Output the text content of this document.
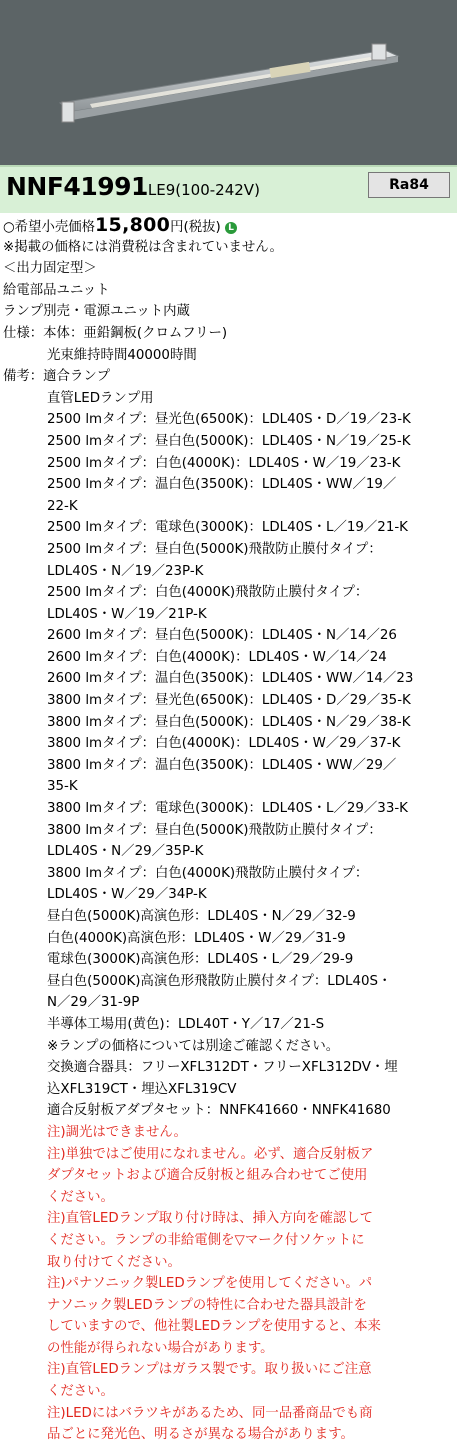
NNF41991LE9(100-242V)	Ra84
○希望小売価格15,800円(税抜) L
※掲載の価格には消費税は含まれていません。
＜出力固定型＞
給電部品ユニット
ランプ別売・電源ユニット内蔵
仕様：本体：亜鉛鋼板(クロムフリー)
光束維持時間40000時間
備考：適合ランプ
直管LEDランプ用
2500 lmタイプ：昼光色(6500K)：LDL40S・D／19／23-K
2500 lmタイプ：昼白色(5000K)：LDL40S・N／19／25-K
2500 lmタイプ：白色(4000K)：LDL40S・W／19／23-K
2500 lmタイプ：温白色(3500K)：LDL40S・WW／19／
22-K
2500 lmタイプ：電球色(3000K)：LDL40S・L／19／21-K
2500 lmタイプ：昼白色(5000K)飛散防止膜付タイプ：
LDL40S・N／19／23P-K
2500 lmタイプ：白色(4000K)飛散防止膜付タイプ：
LDL40S・W／19／21P-K
2600 lmタイプ：昼白色(5000K)：LDL40S・N／14／26
2600 lmタイプ：白色(4000K)：LDL40S・W／14／24
2600 lmタイプ：温白色(3500K)：LDL40S・WW／14／23
3800 lmタイプ：昼光色(6500K)：LDL40S・D／29／35-K
3800 lmタイプ：昼白色(5000K)：LDL40S・N／29／38-K
3800 lmタイプ：白色(4000K)：LDL40S・W／29／37-K
3800 lmタイプ：温白色(3500K)：LDL40S・WW／29／
35-K
3800 lmタイプ：電球色(3000K)：LDL40S・L／29／33-K
3800 lmタイプ：昼白色(5000K)飛散防止膜付タイプ：
LDL40S・N／29／35P-K
3800 lmタイプ：白色(4000K)飛散防止膜付タイプ：
LDL40S・W／29／34P-K
昼白色(5000K)高演色形：LDL40S・N／29／32-9
白色(4000K)高演色形：LDL40S・W／29／31-9
電球色(3000K)高演色形：LDL40S・L／29／29-9
昼白色(5000K)高演色形飛散防止膜付タイプ：LDL40S・
N／29／31-9P
半導体工場用(黄色)：LDL40T・Y／17／21-S
※ランプの価格については別途ご確認ください。
交換適合器具：フリーXFL312DT・フリーXFL312DV・埋
込XFL319CT・埋込XFL319CV
適合反射板アダプタセット：NNFK41660・NNFK41680
注)調光はできません。
注)単独ではご使用になれません。必ず、適合反射板ア
ダプタセットおよび適合反射板と組み合わせてご使用
ください。
注)直管LEDランプ取り付け時は、挿入方向を確認して
ください。ランプの非給電側を▽マーク付ソケットに
取り付けてください。
注)パナソニック製LEDランプを使用してください。パ
ナソニック製LEDランプの特性に合わせた器具設計を
していますので、他社製LEDランプを使用すると、本来
の性能が得られない場合があります。
注)直管LEDランプはガラス製です。取り扱いにご注意
ください。
注)LEDにはバラツキがあるため、同一品番商品でも商
品ごとに発光色、明るさが異なる場合があります。
